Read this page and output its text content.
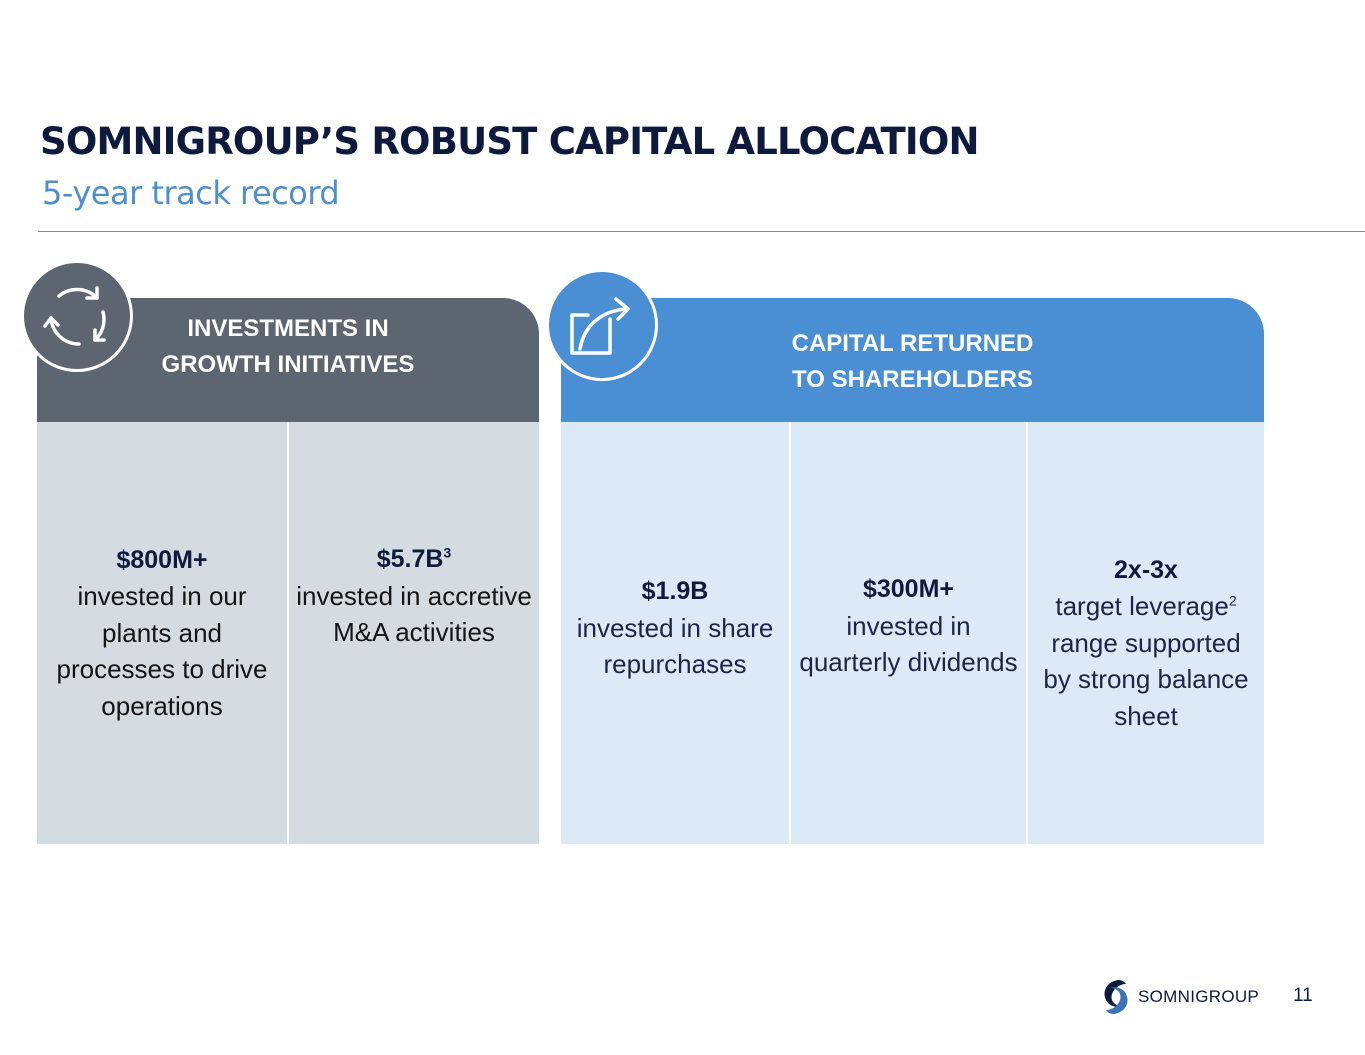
SOMNIGROUP’S ROBUST CAPITAL ALLOCATION
5-year track record
INVESTMENTS IN
GROWTH INITIATIVES
CAPITAL RETURNED
TO SHAREHOLDERS
$800M+
invested in our plants and processes to drive operations
$\$5.7B^3$
invested in accretive M&A activities
$1.9B
invested in share repurchases
$300M+
invested in quarterly dividends
2x-3x
target leverage$^2$
range supported by strong balance sheet
SOMNIGROUP 11
